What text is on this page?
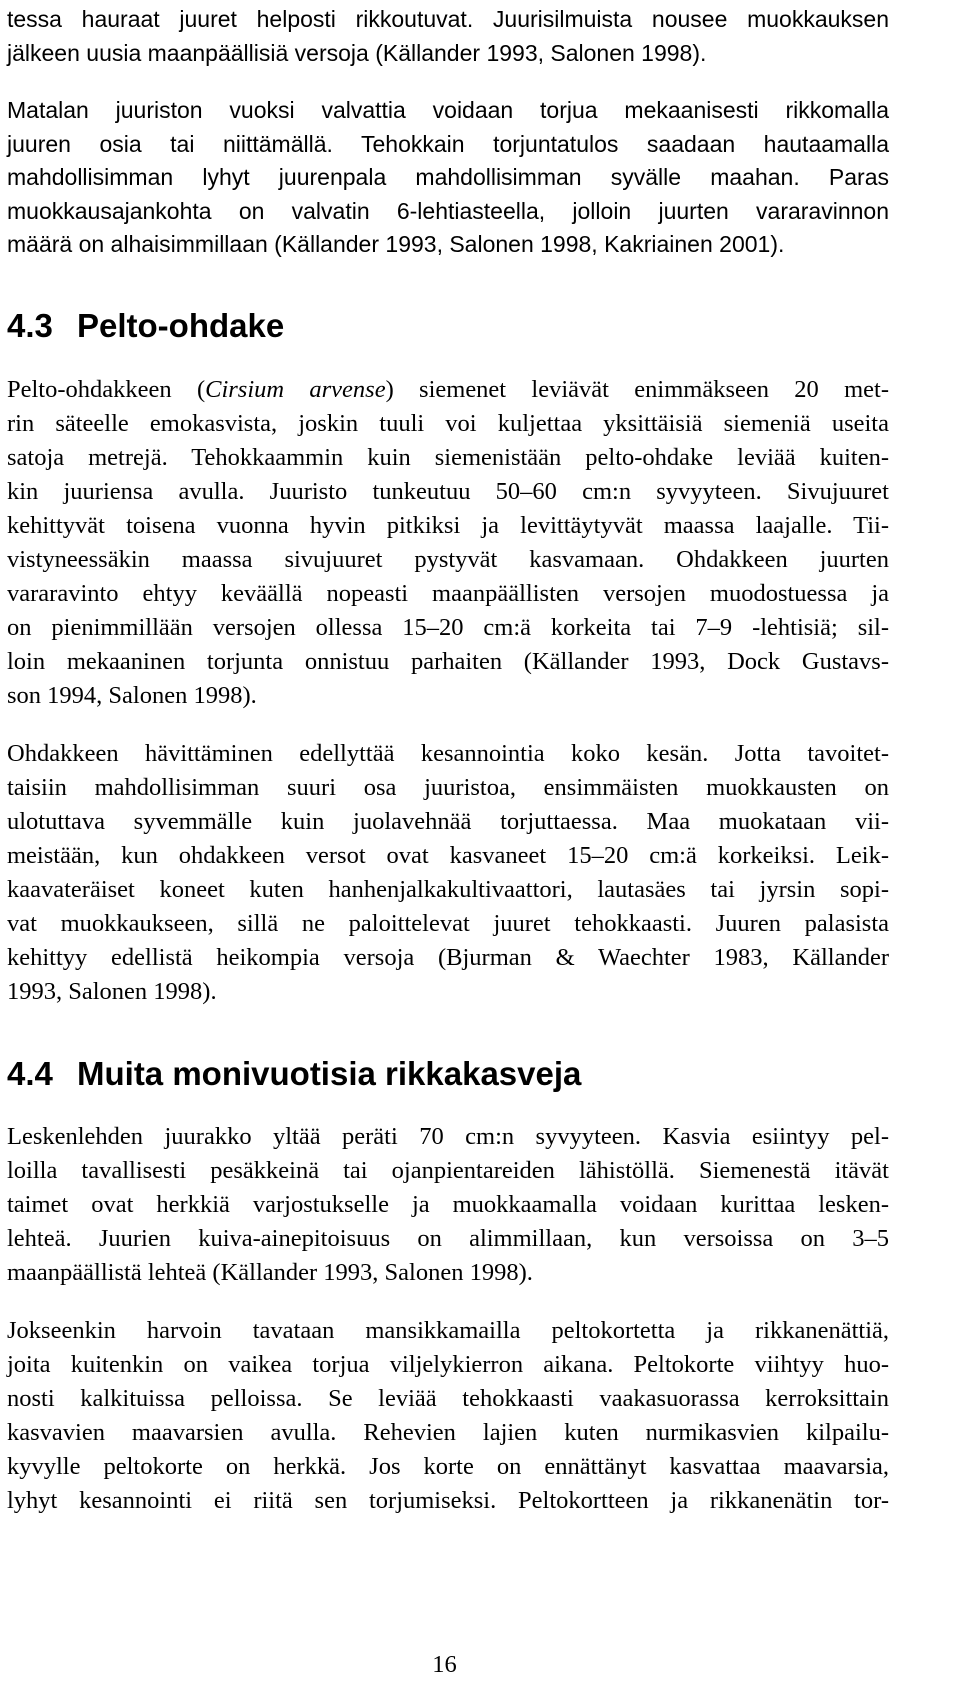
tessa hauraat juuret helposti rikkoutuvat. Juurisilmuista nousee muokkauksen
jälkeen uusia maanpäällisiä versoja (Källander 1993, Salonen 1998).
Matalan juuriston vuoksi valvattia voidaan torjua mekaanisesti rikkomalla
juuren osia tai niittämällä. Tehokkain torjuntatulos saadaan hautaamalla
mahdollisimman lyhyt juurenpala mahdollisimman syvälle maahan. Paras
muokkausajankohta on valvatin 6-lehtiasteella, jolloin juurten vararavinnon
määrä on alhaisimmillaan (Källander 1993, Salonen 1998, Kakriainen 2001).
4.3 Pelto-ohdake
Pelto-ohdakkeen (Cirsium arvense) siemenet leviävät enimmäkseen 20 met-
rin säteelle emokasvista, joskin tuuli voi kuljettaa yksittäisiä siemeniä useita
satoja metrejä. Tehokkaammin kuin siemenistään pelto-ohdake leviää kuiten-
kin juuriensa avulla. Juuristo tunkeutuu 50–60 cm:n syvyyteen. Sivujuuret
kehittyvät toisena vuonna hyvin pitkiksi ja levittäytyvät maassa laajalle. Tii-
vistyneessäkin maassa sivujuuret pystyvät kasvamaan. Ohdakkeen juurten
vararavinto ehtyy keväällä nopeasti maanpäällisten versojen muodostuessa ja
on pienimmillään versojen ollessa 15–20 cm:ä korkeita tai 7–9 -lehtisiä; sil-
loin mekaaninen torjunta onnistuu parhaiten (Källander 1993, Dock Gustavs-
son 1994, Salonen 1998).
Ohdakkeen hävittäminen edellyttää kesannointia koko kesän. Jotta tavoitet-
taisiin mahdollisimman suuri osa juuristoa, ensimmäisten muokkausten on
ulotuttava syvemmälle kuin juolavehnää torjuttaessa. Maa muokataan vii-
meistään, kun ohdakkeen versot ovat kasvaneet 15–20 cm:ä korkeiksi. Leik-
kaavateräiset koneet kuten hanhenjalkakultivaattori, lautasäes tai jyrsin sopi-
vat muokkaukseen, sillä ne paloittelevat juuret tehokkaasti. Juuren palasista
kehittyy edellistä heikompia versoja (Bjurman & Waechter 1983, Källander
1993, Salonen 1998).
4.4 Muita monivuotisia rikkakasveja
Leskenlehden juurakko yltää peräti 70 cm:n syvyyteen. Kasvia esiintyy pel-
loilla tavallisesti pesäkkeinä tai ojanpientareiden lähistöllä. Siemenestä itävät
taimet ovat herkkiä varjostukselle ja muokkaamalla voidaan kurittaa lesken-
lehteä. Juurien kuiva-ainepitoisuus on alimmillaan, kun versoissa on 3–5
maanpäällistä lehteä (Källander 1993, Salonen 1998).
Jokseenkin harvoin tavataan mansikkamailla peltokortetta ja rikkanenättiä,
joita kuitenkin on vaikea torjua viljelykierron aikana. Peltokorte viihtyy huo-
nosti kalkituissa pelloissa. Se leviää tehokkaasti vaakasuorassa kerroksittain
kasvavien maavarsien avulla. Rehevien lajien kuten nurmikasvien kilpailu-
kyvylle peltokorte on herkkä. Jos korte on ennättänyt kasvattaa maavarsia,
lyhyt kesannointi ei riitä sen torjumiseksi. Peltokortteen ja rikkanenätin tor-
16
